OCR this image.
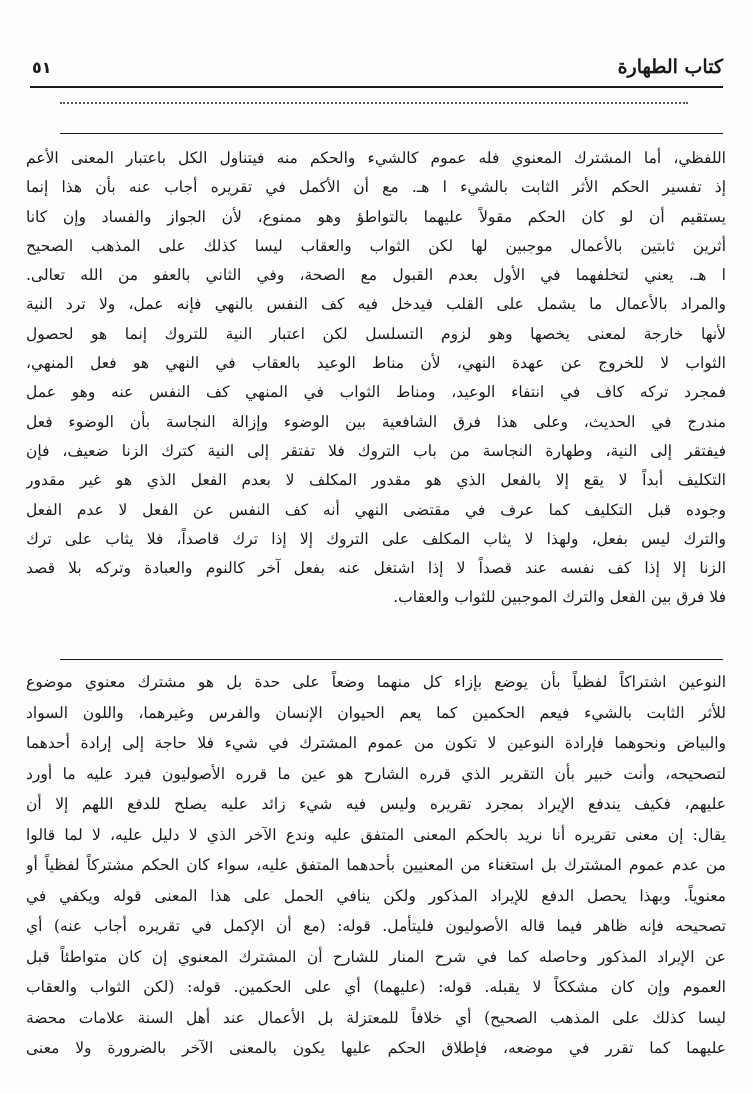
كتاب الطهارة
٥١
اللفظي، أما المشترك المعنوي فله عموم كالشيء والحكم منه فيتناول الكل باعتبار المعنى الأعم
إذ تفسير الحكم الأثر الثابت بالشيء ا هـ. مع أن الأكمل في تقريره أجاب عنه بأن هذا إنما
يستقيم أن لو كان الحكم مقولاً عليهما بالتواطؤ وهو ممنوع، لأن الجواز والفساد وإن كانا
أثرين ثابتين بالأعمال موجبين لها لكن الثواب والعقاب ليسا كذلك على المذهب الصحيح
ا هـ. يعني لتخلفهما في الأول بعدم القبول مع الصحة، وفي الثاني بالعفو من الله تعالى.
والمراد بالأعمال ما يشمل على القلب فيدخل فيه كف النفس بالنهي فإنه عمل، ولا ترد النية
لأنها خارجة لمعنى يخصها وهو لزوم التسلسل لكن اعتبار النية للتروك إنما هو لحصول
الثواب لا للخروج عن عهدة النهي، لأن مناط الوعيد بالعقاب في النهي هو فعل المنهي،
فمجرد تركه كاف في انتفاء الوعيد، ومناط الثواب في المنهي كف النفس عنه وهو عمل
مندرج في الحديث، وعلى هذا فرق الشافعية بين الوضوء وإزالة النجاسة بأن الوضوء فعل
فيفتقر إلى النية، وطهارة النجاسة من باب التروك فلا تفتقر إلى النية كترك الزنا ضعيف، فإن
التكليف أبداً لا يقع إلا بالفعل الذي هو مقدور المكلف لا بعدم الفعل الذي هو غير مقدور
وجوده قبل التكليف كما عرف في مقتضى النهي أنه كف النفس عن الفعل لا عدم الفعل
والترك ليس بفعل، ولهذا لا يثاب المكلف على التروك إلا إذا ترك قاصداً، فلا يثاب على ترك
الزنا إلا إذا كف نفسه عند قصداً لا إذا اشتغل عنه بفعل آخر كالنوم والعبادة وتركه بلا قصد
فلا فرق بين الفعل والترك الموجبين للثواب والعقاب.
النوعين اشتراكاً لفظياً بأن يوضع بإزاء كل منهما وضعاً على حدة بل هو مشترك معنوي موضوع
للأثر الثابت بالشيء فيعم الحكمين كما يعم الحيوان الإنسان والفرس وغيرهما، واللون السواد
والبياض ونحوهما فإرادة النوعين لا تكون من عموم المشترك في شيء فلا حاجة إلى إرادة أحدهما
لتصحيحه، وأنت خبير بأن التقرير الذي قرره الشارح هو عين ما قرره الأصوليون فيرد عليه ما أورد
عليهم، فكيف يندفع الإيراد بمجرد تقريره وليس فيه شيء زائد عليه يصلح للدفع اللهم إلا أن
يقال: إن معنى تقريره أنا نريد بالحكم المعنى المتفق عليه وندع الآخر الذي لا دليل عليه، لا لما قالوا
من عدم عموم المشترك بل استغناء من المعنيين بأحدهما المتفق عليه، سواء كان الحكم مشتركاً لفظياً أو
معنوياً. وبهذا يحصل الدفع للإيراد المذكور ولكن ينافي الحمل على هذا المعنى قوله ويكفي في
تصحيحه فإنه ظاهر فيما قاله الأصوليون فليتأمل. قوله: (مع أن الإكمل في تقريره أجاب عنه) أي
عن الإيراد المذكور وحاصله كما في شرح المنار للشارح أن المشترك المعنوي إن كان متواطئاً قبل
العموم وإن كان مشككاً لا يقبله. قوله: (عليهما) أي على الحكمين. قوله: (لكن الثواب والعقاب
ليسا كذلك على المذهب الصحيح) أي خلافاً للمعتزلة بل الأعمال عند أهل السنة علامات محضة
عليهما كما تقرر في موضعه، فإطلاق الحكم عليها يكون بالمعنى الآخر بالضرورة ولا معنى
